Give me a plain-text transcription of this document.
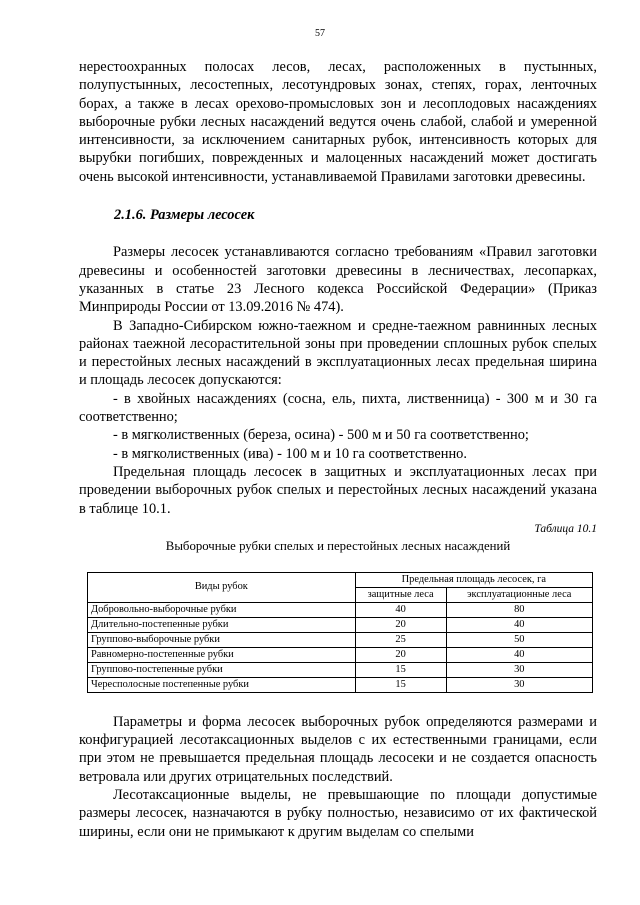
57

нерестоохранных полосах лесов, лесах, расположенных в пустынных, полупустынных, лесостепных, лесотундровых зонах, степях, горах, ленточных борах, а также в лесах орехово-промысловых зон и лесоплодовых насаждениях выборочные рубки лесных насаждений ведутся очень слабой, слабой и умеренной интенсивности, за исключением санитарных рубок, интенсивность которых для вырубки погибших, поврежденных и малоценных насаждений может достигать очень высокой интенсивности, устанавливаемой Правилами заготовки древесины.

2.1.6. Размеры лесосек

Размеры лесосек устанавливаются согласно требованиям «Правил заготовки древесины и особенностей заготовки древесины в лесничествах, лесопарках, указанных в статье 23 Лесного кодекса Российской Федерации» (Приказ Минприроды России от 13.09.2016 № 474).

В Западно-Сибирском южно-таежном и средне-таежном равнинных лесных районах таежной лесорастительной зоны при проведении сплошных рубок спелых и перестойных лесных насаждений в эксплуатационных лесах предельная ширина и площадь лесосек допускаются:

- в хвойных насаждениях (сосна, ель, пихта, лиственница) - 300 м и 30 га соответственно;

- в мягколиственных (береза, осина) - 500 м и 50 га соответственно;

- в мягколиственных (ива) - 100 м и 10 га соответственно.

Предельная площадь лесосек в защитных и эксплуатационных лесах при проведении выборочных рубок спелых и перестойных лесных насаждений указана в таблице 10.1.

Таблица 10.1

Выборочные рубки спелых и перестойных лесных насаждений

Виды рубок	Предельная площадь лесосек, га	
	защитные леса	эксплуатационные леса
Добровольно-выборочные рубки	40	80
Длительно-постепенные рубки	20	40
Группово-выборочные рубки	25	50
Равномерно-постепенные рубки	20	40
Группово-постепенные рубки	15	30
Чересполосные постепенные рубки	15	30

Параметры и форма лесосек выборочных рубок определяются размерами и конфигурацией лесотаксационных выделов с их естественными границами, если при этом не превышается предельная площадь лесосеки и не создается опасность ветровала или других отрицательных последствий.

Лесотаксационные выделы, не превышающие по площади допустимые размеры лесосек, назначаются в рубку полностью, независимо от их фактической ширины, если они не примыкают к другим выделам со спелыми
